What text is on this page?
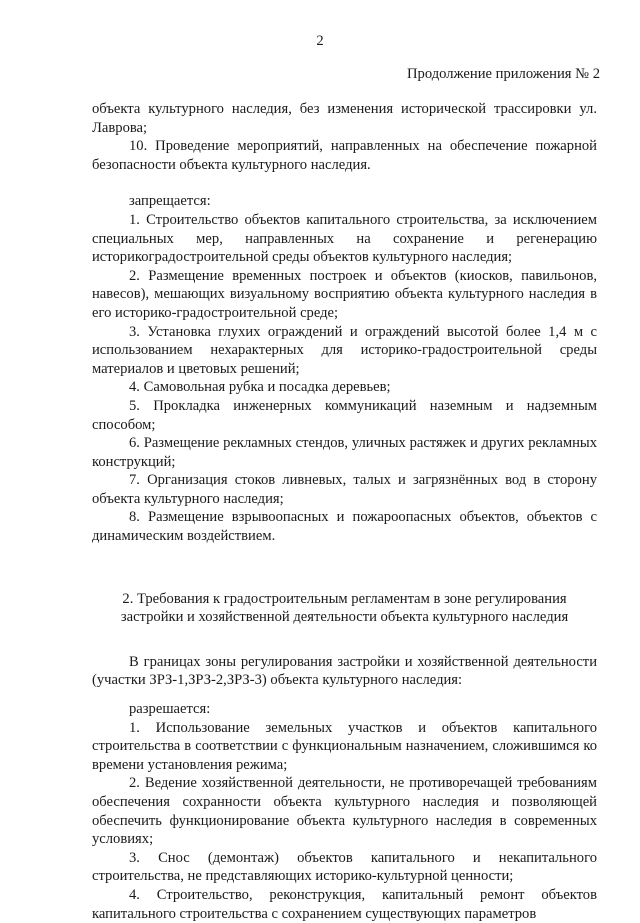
2
Продолжение приложения № 2

объекта культурного наследия, без изменения исторической трассировки ул. Лаврова;

10. Проведение мероприятий, направленных на обеспечение пожарной безопасности объекта культурного наследия.

запрещается:

1. Строительство объектов капитального строительства, за исключением специальных мер, направленных на сохранение и регенерацию историкоградостроительной среды объектов культурного наследия;

2. Размещение временных построек и объектов (киосков, павильонов, навесов), мешающих визуальному восприятию объекта культурного наследия в его историко-градостроительной среде;

3. Установка глухих ограждений и ограждений высотой более 1,4 м с использованием нехарактерных для историко-градостроительной среды материалов и цветовых решений;

4. Самовольная рубка и посадка деревьев;

5. Прокладка инженерных коммуникаций наземным и надземным способом;

6. Размещение рекламных стендов, уличных растяжек и других рекламных конструкций;

7. Организация стоков ливневых, талых и загрязнённых вод в сторону объекта культурного наследия;

8. Размещение взрывоопасных и пожароопасных объектов, объектов с динамическим воздействием.

2. Требования к градостроительным регламентам в зоне регулирования застройки и хозяйственной деятельности объекта культурного наследия

В границах зоны регулирования застройки и хозяйственной деятельности (участки ЗРЗ-1,ЗРЗ-2,ЗРЗ-3) объекта культурного наследия:

разрешается:

1. Использование земельных участков и объектов капитального строительства в соответствии с функциональным назначением, сложившимся ко времени установления режима;

2. Ведение хозяйственной деятельности, не противоречащей требованиям обеспечения сохранности объекта культурного наследия и позволяющей обеспечить функционирование объекта культурного наследия в современных условиях;

3. Снос (демонтаж) объектов капитального и некапитального строительства, не представляющих историко-культурной ценности;

4. Строительство, реконструкция, капитальный ремонт объектов капитального строительства с сохранением существующих параметров
